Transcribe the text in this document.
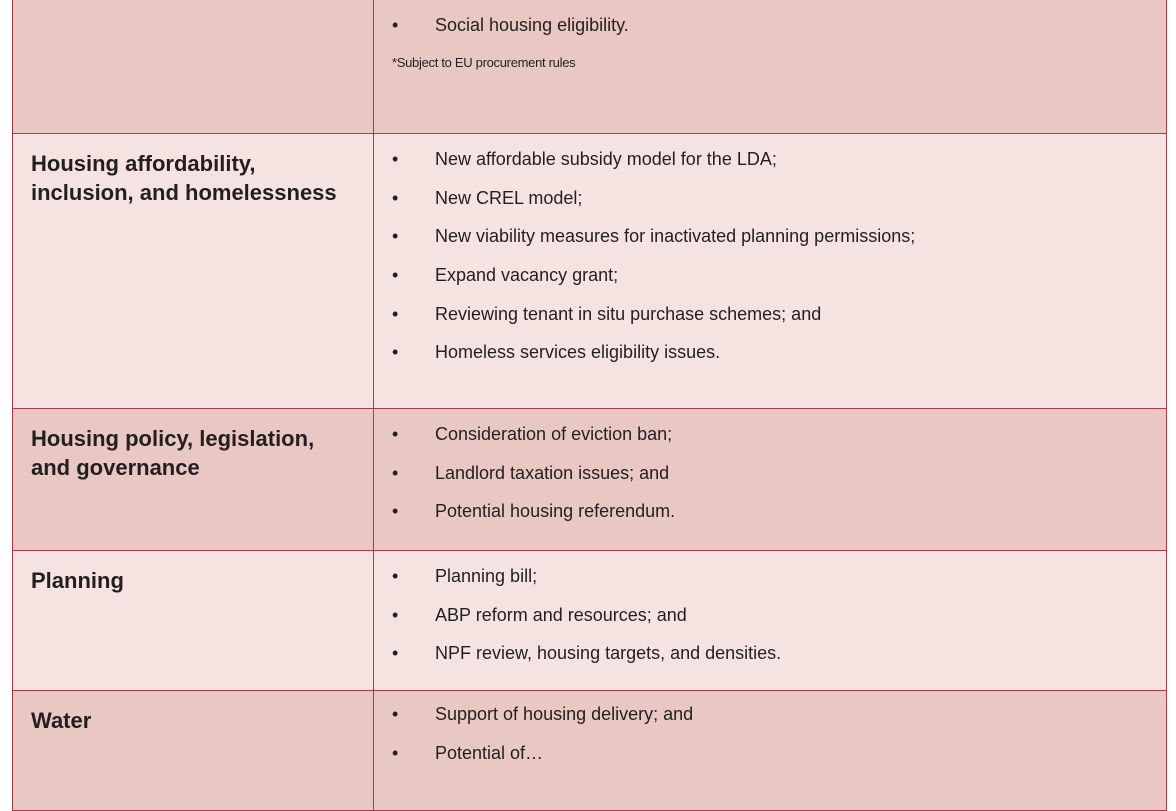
• Social housing eligibility.
*Subject to EU procurement rules
Housing affordability, inclusion, and homelessness
• New affordable subsidy model for the LDA;
• New CREL model;
• New viability measures for inactivated planning permissions;
• Expand vacancy grant;
• Reviewing tenant in situ purchase schemes; and
• Homeless services eligibility issues.
Housing policy, legislation, and governance
• Consideration of eviction ban;
• Landlord taxation issues; and
• Potential housing referendum.
Planning	• Planning bill;
• ABP reform and resources; and
• NPF review, housing targets, and densities.
Water	• Support of housing delivery; and
• Potential of…
